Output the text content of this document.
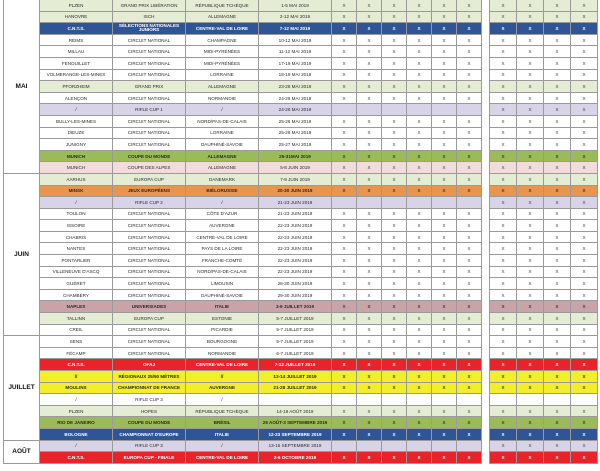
MAI	PLZEN	GRAND PRIX LIBÉRATION	RÉPUBLIQUE TCHÈQUE	1-5 MAI 2019	X	X	X	X	X	X		X	X	X	X
	HANOVRE	ISCH	ALLEMAGNE	2-12 MAI 2019	X	X	X	X	X	X		X	X	X	X
	C.N.T.S.	SÉLECTIONS NATIONALES JUNIORS	CENTRE-VAL DE LOIRE	7-12 MAI 2019	X	X	X	X	X	X		X	X	X	X
	REIMS	CIRCUIT NATIONAL	CHAMPAGNE	10-12 MAI 2019	X	X	X	X	X	X		X	X	X	X
	MILLAU	CIRCUIT NATIONAL	MIDI-PYRÉNÉES	11-12 MAI 2019	X	X	X	X	X	X		X	X	X	X
	FENOUILLET	CIRCUIT NATIONAL	MIDI-PYRÉNÉES	17-19 MAI 2019	X	X	X	X	X	X		X	X	X	X
	VOLMERANGE-LES-MINES	CIRCUIT NATIONAL	LORRAINE	18-19 MAI 2019	X	X	X	X	X	X		X	X	X	X
	PFORZHEIM	GRAND PRIX	ALLEMAGNE	23-26 MAI 2019	X	X	X	X	X	X		X	X	X	X
	ALENÇON	CIRCUIT NATIONAL	NORMANDIE	24-26 MAI 2019	X	X	X	X	X	X		X	X	X	X
	/	RIFLE CUP 1	/	24-26 MAI 2019								X	X	X	X
	BULLY-LES-MINES	CIRCUIT NATIONAL	NORD/PAS-DE-CALAIS	25-26 MAI 2019	X	X	X	X	X	X		X	X	X	X
	DIEUZE	CIRCUIT NATIONAL	LORRAINE	25-26 MAI 2019	X	X	X	X	X	X		X	X	X	X
	JUNIGNY	CIRCUIT NATIONAL	DAUPHINÉ-SAVOIE	25-27 MAI 2019	X	X	X	X	X	X		X	X	X	X
	MUNICH	COUPE DU MONDE	ALLEMAGNE	25-31MAI 2019	X	X	X	X	X	X		X	X	X	X
	MUNICH	COUPE DES ALPES	ALLEMAGNE	5-8 JUIN 2019	X	X	X	X	X	X		X	X	X	X
JUIN	AARHUS	EUROPA CUP	DANEMARK	7-9 JUIN 2019	X	X	X	X	X	X		X	X	X	X
	MINSK	JEUX EUROPÉENS	BIÉLORUSSIE	20-30 JUIN 2019	X	X	X	X	X	X		X	X	X	X
	/	RIFLE CUP 2	/	21-23 JUIN 2019								X	X	X	X
	TOULON	CIRCUIT NATIONAL	CÔTE D'AZUR	21-23 JUIN 2019	X	X	X	X	X	X		X	X	X	X
	ISSOIRE	CIRCUIT NATIONAL	AUVERGNE	22-23 JUIN 2019	X	X	X	X	X	X		X	X	X	X
	CHABRIS	CIRCUIT NATIONAL	CENTRE-VAL DE LOIRE	22-23 JUIN 2019	X	X	X	X	X	X		X	X	X	X
	NANTES	CIRCUIT NATIONAL	PAYS DE LA LOIRE	22-23 JUIN 2019	X	X	X	X	X	X		X	X	X	X
	PONTARLIER	CIRCUIT NATIONAL	FRANCHE-COMTÉ	22-23 JUIN 2019	X	X	X	X	X	X		X	X	X	X
	VILLENEUVE D'ASCQ	CIRCUIT NATIONAL	NORD/PAS-DE-CALAIS	22-23 JUIN 2019	X	X	X	X	X	X		X	X	X	X
	GUÉRET	CIRCUIT NATIONAL	LIMOUSIN	28-30 JUIN 2019	X	X	X	X	X	X		X	X	X	X
	CHAMBÉRY	CIRCUIT NATIONAL	DAUPHINÉ-SAVOIE	29-30 JUIN 2019	X	X	X	X	X	X		X	X	X	X
	NAPLES	UNIVERSIADES	ITALIE	3-9 JUILLET 2019	X	X	X	X	X	X		X	X	X	X
	TALLINN	EUROPA CUP	ESTONIE	5-7 JUILLET 2019	X	X	X	X	X	X		X	X	X	X
	CREIL	CIRCUIT NATIONAL	PICARDIE	5-7 JUILLET 2019	X	X	X	X	X	X		X	X	X	X
JUILLET	SENS	CIRCUIT NATIONAL	BOURGOGNE	5-7 JUILLET 2019	X	X	X	X	X	X		X	X	X	X
	FÉCAMP	CIRCUIT NATIONAL	NORMANDIE	6-7 JUILLET 2019	X	X	X	X	X	X		X	X	X	X
	C.N.T.S.	OFAJ	CENTRE-VAL DE LOIRE	7-12 JUILLET 2019	X	X	X	X	X	X		X	X	X	X
	//	RÉGIONAUX 25/50 MÈTRES	//	13-14 JUILLET 2019	X	X	X	X	X	X		X	X	X	X
	MOULINS	CHAMPIONNAT DE FRANCE	AUVERGNE	21-28 JUILLET 2019	X	X	X	X	X	X		X	X	X	X
	/	RIFLE CUP 3	/												
	PLZEN	HOPES	RÉPUBLIQUE TCHÈQUE	14-18 AOÛT 2019	X	X	X	X	X	X		X	X	X	X
	RIO DE JANEIRO	COUPE DU MONDE	BRÉSIL	26 AOÛT-3 SEPTEMBRE 2019	X	X	X	X	X	X		X	X	X	X
	BOLOGNE	CHAMPIONNAT D'EUROPE	ITALIE	12-23 SEPTEMBRE 2019	X	X	X	X	X	X		X	X	X	X
AOÛT	/	RIFLE CUP 3	/	13-15 SEPTEMBRE 2019								X	X	X	X
	C.N.T.S.	EUROPA CUP - FINALE	CENTRE-VAL DE LOIRE	2-6 OCTOBRE 2019	X	X	X	X	X	X		X	X	X	X
